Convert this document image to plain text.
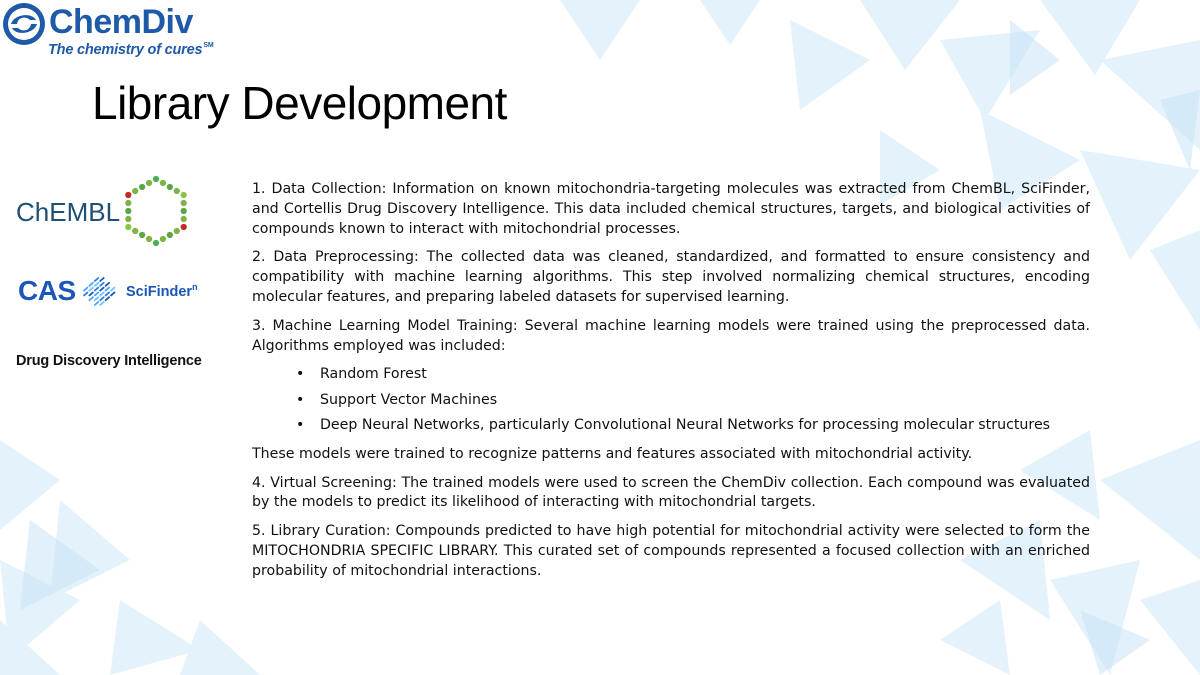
ChemDiv
The chemistry of cures℠
Library Development
ChEMBL
CAS	SciFinder$^n$
Drug Discovery Intelligence

1. Data Collection: Information on known mitochondria-targeting molecules was extracted from ChemBL, SciFinder, and Cortellis Drug Discovery Intelligence. This data included chemical structures, targets, and biological activities of compounds known to interact with mitochondrial processes.

2. Data Preprocessing: The collected data was cleaned, standardized, and formatted to ensure consistency and compatibility with machine learning algorithms. This step involved normalizing chemical structures, encoding molecular features, and preparing labeled datasets for supervised learning.

3. Machine Learning Model Training: Several machine learning models were trained using the preprocessed data. Algorithms employed was included:

• Random Forest
• Support Vector Machines
• Deep Neural Networks, particularly Convolutional Neural Networks for processing molecular structures

These models were trained to recognize patterns and features associated with mitochondrial activity.

4. Virtual Screening: The trained models were used to screen the ChemDiv collection. Each compound was evaluated by the models to predict its likelihood of interacting with mitochondrial targets.

5. Library Curation: Compounds predicted to have high potential for mitochondrial activity were selected to form the MITOCHONDRIA SPECIFIC LIBRARY. This curated set of compounds represented a focused collection with an enriched probability of mitochondrial interactions.
